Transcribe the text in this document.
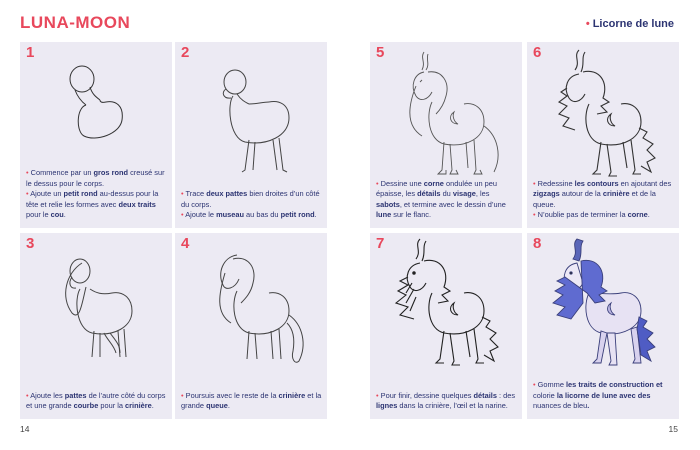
LUNA-MOON	• Licorne de lune
1

• Commence par un gros rond creusé sur le dessus pour le corps.

• Ajoute un petit rond au-dessus pour la tête et relie les formes avec deux traits pour le cou.

2

• Trace deux pattes bien droites d’un côté du corps.

• Ajoute le museau au bas du petit rond.

3

• Ajoute les pattes de l’autre côté du corps et une grande courbe pour la crinière.

4

• Poursuis avec le reste de la crinière et la grande queue.

5

• Dessine une corne ondulée un peu épaisse, les détails du visage, les sabots, et termine avec le dessin d’une lune sur le flanc.

6

• Redessine les contours en ajoutant des zigzags autour de la crinière et de la queue.

• N’oublie pas de terminer la corne.

7

• Pour finir, dessine quelques détails : des lignes dans la crinière, l’œil et la narine.

8

• Gomme les traits de construction et colorie la licorne de lune avec des nuances de bleu.

14	15
